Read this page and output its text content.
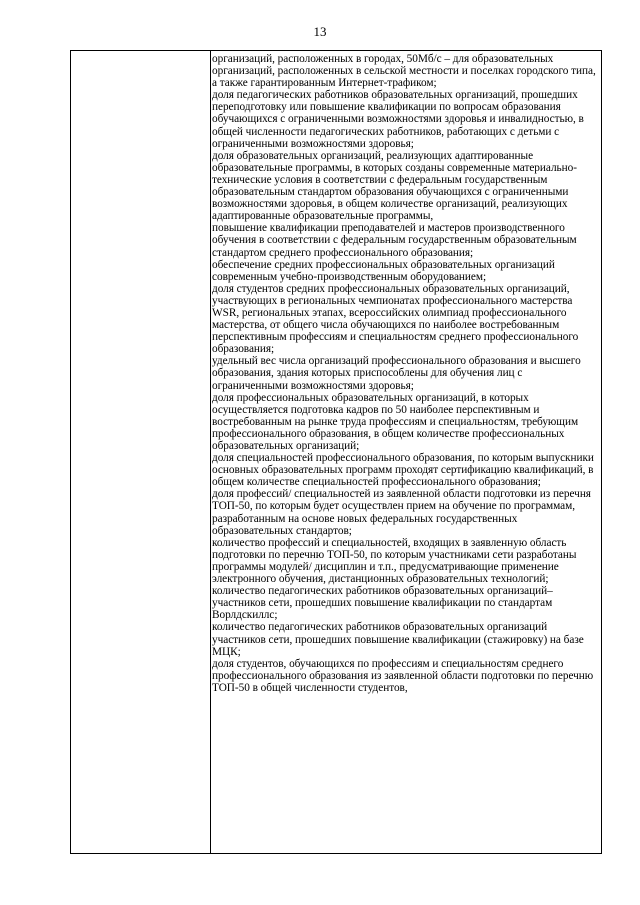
13

организаций, расположенных в городах, 50Мб/с – для образовательных организаций, расположенных в сельской местности и поселках городского типа, а также гарантированным Интернет-трафиком;

доля педагогических работников образовательных организаций, прошедших переподготовку или повышение квалификации по вопросам образования обучающихся с ограниченными возможностями здоровья и инвалидностью, в общей численности педагогических работников, работающих с детьми с ограниченными возможностями здоровья;

доля образовательных организаций, реализующих адаптированные образовательные программы, в которых созданы современные материально-технические условия в соответствии с федеральным государственным образовательным стандартом образования обучающихся с ограниченными возможностями здоровья, в общем количестве организаций, реализующих адаптированные образовательные программы,

повышение квалификации преподавателей и мастеров производственного обучения в соответствии с федеральным государственным образовательным стандартом среднего профессионального образования;

обеспечение средних профессиональных образовательных организаций современным учебно-производственным оборудованием;

доля студентов средних профессиональных образовательных организаций, участвующих в региональных чемпионатах профессионального мастерства WSR, региональных этапах, всероссийских олимпиад профессионального мастерства, от общего числа обучающихся по наиболее востребованным перспективным профессиям и специальностям среднего профессионального образования;

удельный вес числа организаций профессионального образования и высшего образования, здания которых приспособлены для обучения лиц с ограниченными возможностями здоровья;

доля профессиональных образовательных организаций, в которых осуществляется подготовка кадров по 50 наиболее перспективным и востребованным на рынке труда профессиям и специальностям, требующим профессионального образования, в общем количестве профессиональных образовательных организаций;

доля специальностей профессионального образования, по которым выпускники основных образовательных программ проходят сертификацию квалификаций, в общем количестве специальностей профессионального образования;

доля профессий/ специальностей из заявленной области подготовки из перечня ТОП-50, по которым будет осуществлен прием на обучение по программам, разработанным на основе новых федеральных государственных образовательных стандартов;

количество профессий и специальностей, входящих в заявленную область подготовки по перечню ТОП-50, по которым участниками сети разработаны программы модулей/ дисциплин и т.п., предусматривающие применение электронного обучения, дистанционных образовательных технологий;

количество педагогических работников образовательных организаций–участников сети, прошедших повышение квалификации по стандартам Ворлдскиллс;

количество педагогических работников образовательных организаций участников сети, прошедших повышение квалификации (стажировку) на базе МЦК;

доля студентов, обучающихся по профессиям и специальностям среднего профессионального образования из заявленной области подготовки по перечню ТОП-50 в общей численности студентов,
